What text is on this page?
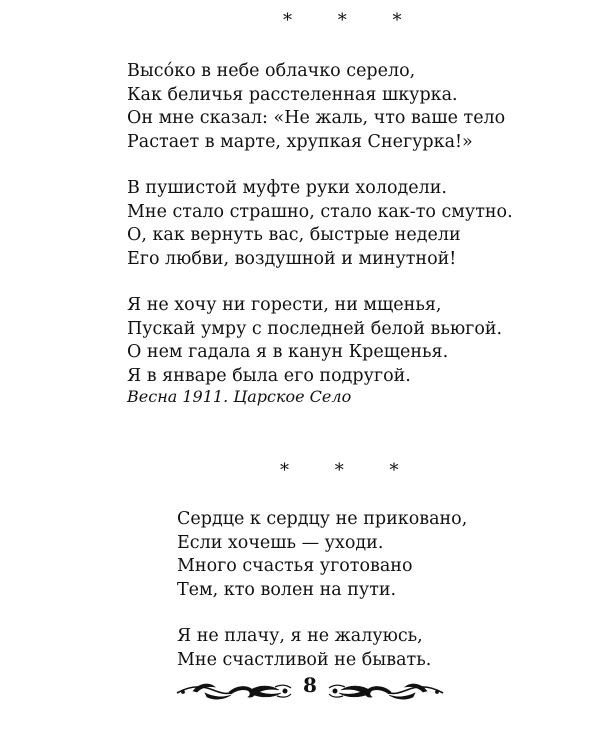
* * *
Высо́ко в небе облачко серело,
Как беличья расстеленная шкурка.
Он мне сказал: «Не жаль, что ваше тело
Растает в марте, хрупкая Снегурка!»
В пушистой муфте руки холодели.
Мне стало страшно, стало как-то смутно.
О, как вернуть вас, быстрые недели
Его любви, воздушной и минутной!
Я не хочу ни горести, ни мщенья,
Пускай умру с последней белой вьюгой.
О нем гадала я в канун Крещенья.
Я в январе была его подругой.
Весна 1911. Царское Село
* * *
Сердце к сердцу не приковано,
Если хочешь — уходи.
Много счастья уготовано
Тем, кто волен на пути.
Я не плачу, я не жалуюсь,
Мне счастливой не бывать.
8
